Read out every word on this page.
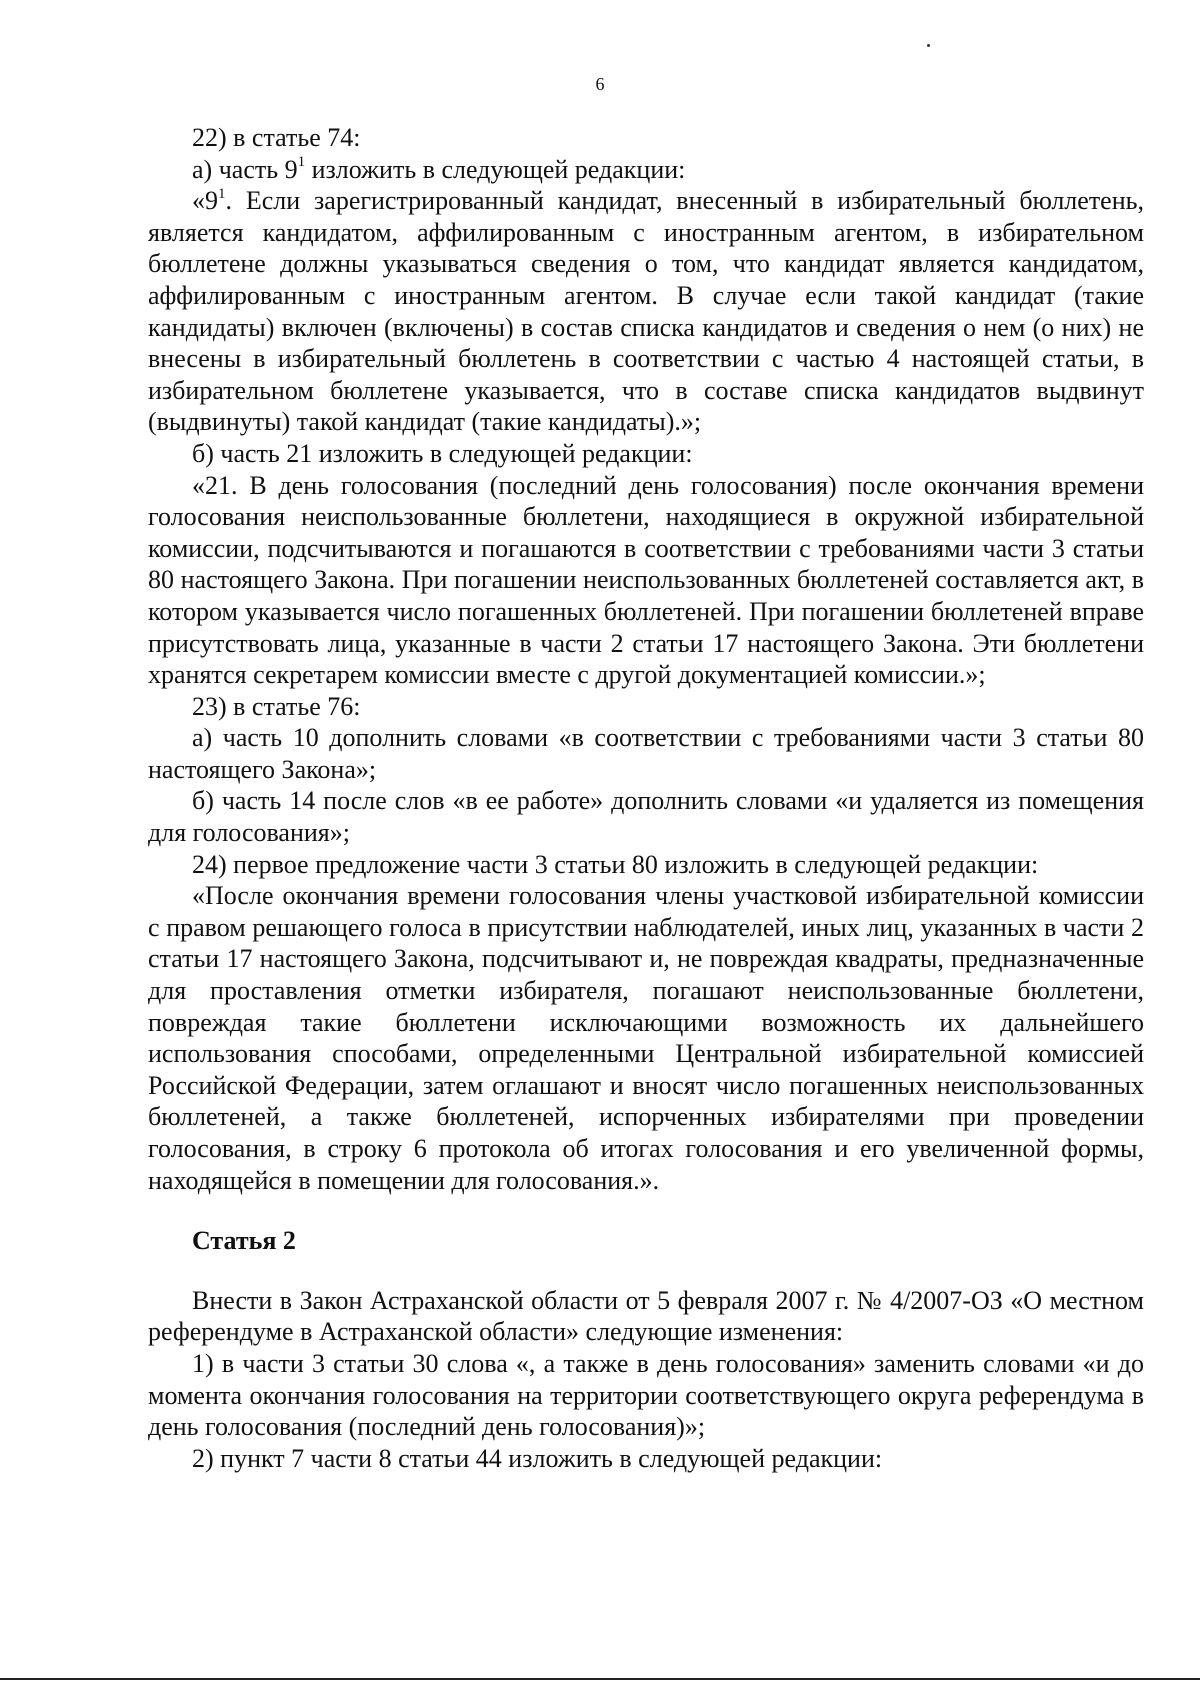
6

22) в статье 74:

а) часть $9^1$ изложить в следующей редакции:

«$9^1$. Если зарегистрированный кандидат, внесенный в избирательный бюллетень, является кандидатом, аффилированным с иностранным агентом, в избирательном бюллетене должны указываться сведения о том, что кандидат является кандидатом, аффилированным с иностранным агентом. В случае если такой кандидат (такие кандидаты) включен (включены) в состав списка кандидатов и сведения о нем (о них) не внесены в избирательный бюллетень в соответствии с частью 4 настоящей статьи, в избирательном бюллетене указывается, что в составе списка кандидатов выдвинут (выдвинуты) такой кандидат (такие кандидаты).»;

б) часть 21 изложить в следующей редакции:

«21. В день голосования (последний день голосования) после окончания времени голосования неиспользованные бюллетени, находящиеся в окружной избирательной комиссии, подсчитываются и погашаются в соответствии с требованиями части 3 статьи 80 настоящего Закона. При погашении неиспользованных бюллетеней составляется акт, в котором указывается число погашенных бюллетеней. При погашении бюллетеней вправе присутствовать лица, указанные в части 2 статьи 17 настоящего Закона. Эти бюллетени хранятся секретарем комиссии вместе с другой документацией комиссии.»;

23) в статье 76:

а) часть 10 дополнить словами «в соответствии с требованиями части 3 статьи 80 настоящего Закона»;

б) часть 14 после слов «в ее работе» дополнить словами «и удаляется из помещения для голосования»;

24) первое предложение части 3 статьи 80 изложить в следующей редакции:

«После окончания времени голосования члены участковой избирательной комиссии с правом решающего голоса в присутствии наблюдателей, иных лиц, указанных в части 2 статьи 17 настоящего Закона, подсчитывают и, не повреждая квадраты, предназначенные для проставления отметки избирателя, погашают неиспользованные бюллетени, повреждая такие бюллетени исключающими возможность их дальнейшего использования способами, определенными Центральной избирательной комиссией Российской Федерации, затем оглашают и вносят число погашенных неиспользованных бюллетеней, а также бюллетеней, испорченных избирателями при проведении голосования, в строку 6 протокола об итогах голосования и его увеличенной формы, находящейся в помещении для голосования.».

Статья 2

Внести в Закон Астраханской области от 5 февраля 2007 г. № 4/2007-ОЗ «О местном референдуме в Астраханской области» следующие изменения:

1) в части 3 статьи 30 слова «, а также в день голосования» заменить словами «и до момента окончания голосования на территории соответствующего округа референдума в день голосования (последний день голосования)»;

2) пункт 7 части 8 статьи 44 изложить в следующей редакции:
